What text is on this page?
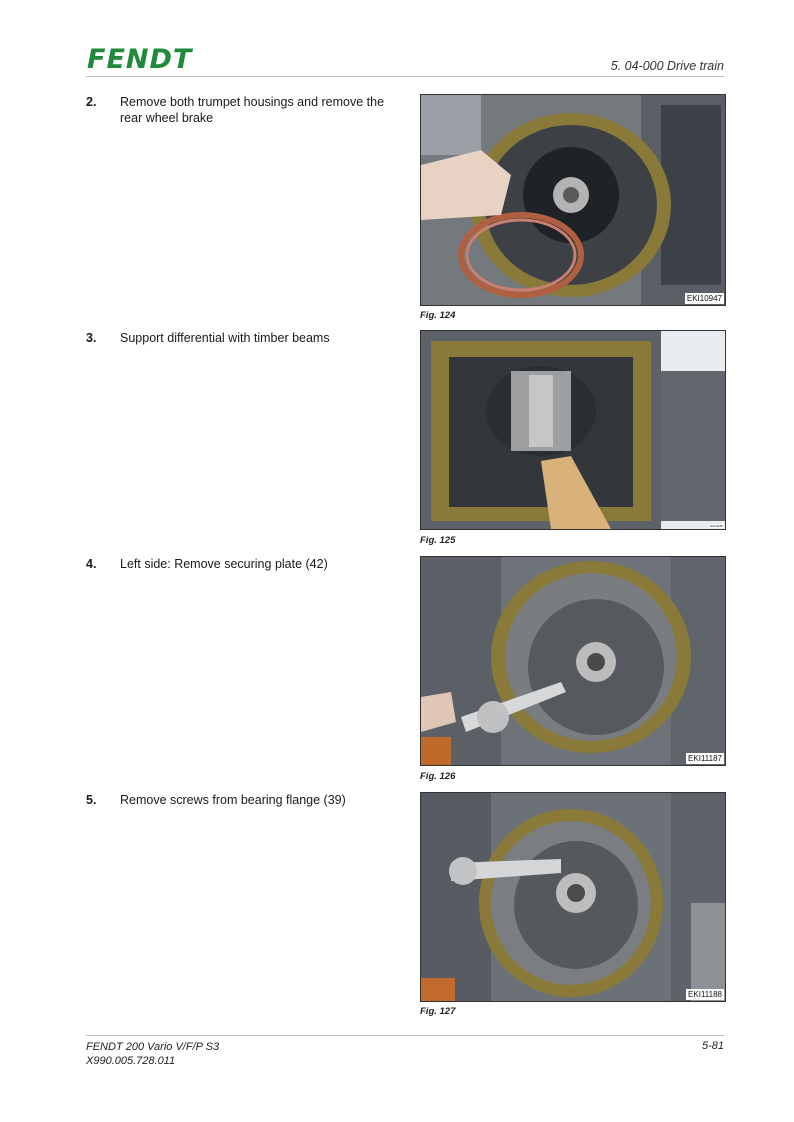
FENDT	5. 04-000 Drive train
2. Remove both trumpet housings and remove the rear wheel brake
EKI10947
Fig. 124
3. Support differential with timber beams
EKI11186
Fig. 125
4. Left side: Remove securing plate (42)
EKI11187
Fig. 126
5. Remove screws from bearing flange (39)
EKI11188
Fig. 127
FENDT 200 Vario V/F/P S3
X990.005.728.011
5-81
